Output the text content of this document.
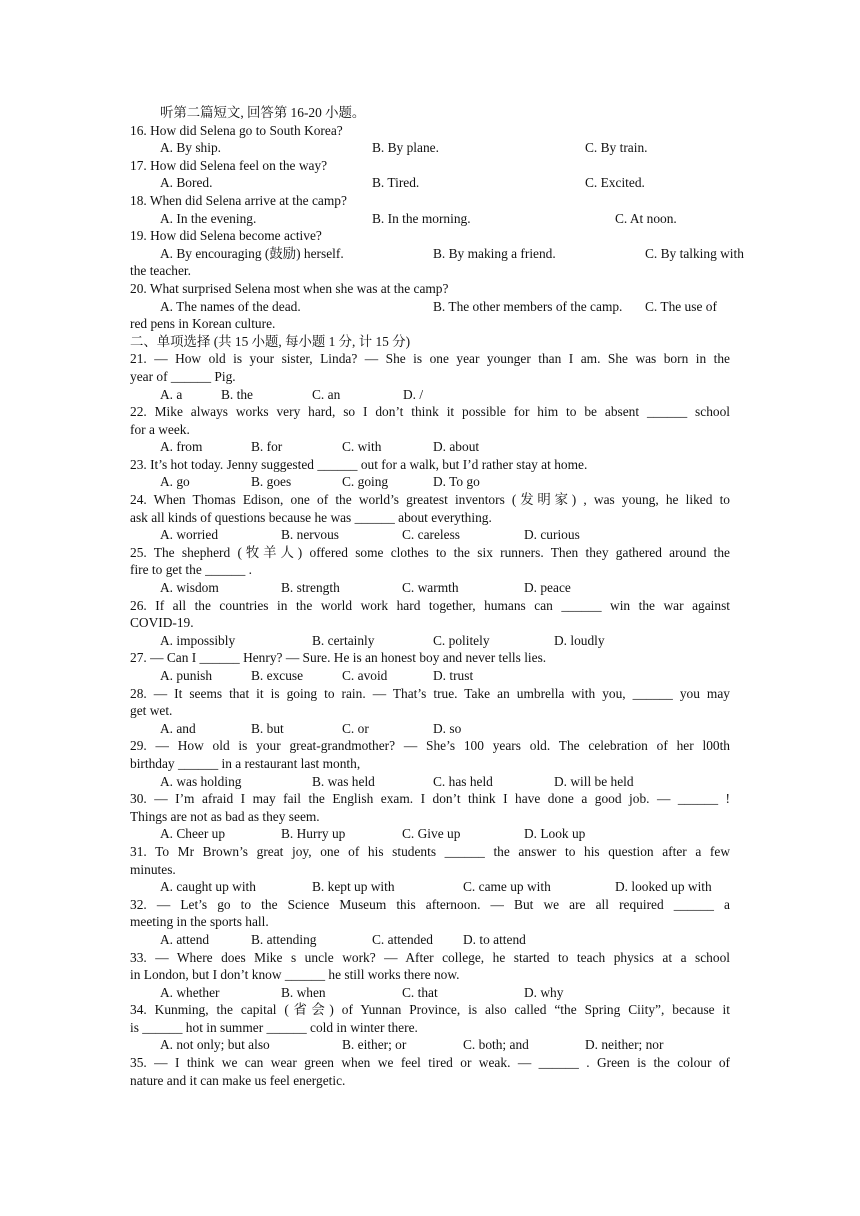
听第二篇短文, 回答第 16-20 小题。
16. How did Selena go to South Korea?
A. By ship.	B. By plane.	C. By train.
17. How did Selena feel on the way?
A. Bored.	B. Tired.	C. Excited.
18. When did Selena arrive at the camp?
A. In the evening.	B. In the morning.	C. At noon.
19. How did Selena become active?
A. By encouraging (鼓励) herself.	B. By making a friend.	C. By talking with
the teacher.
20. What surprised Selena most when she was at the camp?
A. The names of the dead.	B. The other members of the camp. C. The use of
red pens in Korean culture.
二、单项选择 (共 15 小题, 每小题 1 分, 计 15 分)
21. — How old is your sister, Linda? — She is one year younger than I am. She was born in the
year of ______ Pig.
A. a	B. the	C. an	D. /
22. Mike always works very hard, so I don’t think it possible for him to be absent ______ school
for a week.
A. from	B. for	C. with	D. about
23. It’s hot today. Jenny suggested ______ out for a walk, but I’d rather stay at home.
A. go	B. goes	C. going	D. To go
24. When Thomas Edison, one of the world’s greatest inventors (发明家) , was young, he liked to
ask all kinds of questions because he was ______ about everything.
A. worried	B. nervous	C. careless	D. curious
25. The shepherd (牧羊人) offered some clothes to the six runners. Then they gathered around the
fire to get the ______ .
A. wisdom	B. strength	C. warmth	D. peace
26. If all the countries in the world work hard together, humans can ______ win the war against
COVID-19.
A. impossibly	B. certainly	C. politely	D. loudly
27. — Can I ______ Henry? — Sure. He is an honest boy and never tells lies.
A. punish	B. excuse	C. avoid	D. trust
28. — It seems that it is going to rain. — That’s true. Take an umbrella with you, ______ you may
get wet.
A. and	B. but	C. or	D. so
29. — How old is your great-grandmother? — She’s 100 years old. The celebration of her l00th
birthday ______ in a restaurant last month,
A. was holding	B. was held	C. has held	D. will be held
30. — I’m afraid I may fail the English exam. I don’t think I have done a good job. — ______ !
Things are not as bad as they seem.
A. Cheer up	B. Hurry up	C. Give up	D. Look up
31. To Mr Brown’s great joy, one of his students ______ the answer to his question after a few
minutes.
A. caught up with	B. kept up with	C. came up with	D. looked up with
32. — Let’s go to the Science Museum this afternoon. — But we are all required ______ a
meeting in the sports hall.
A. attend	B. attending	C. attended D. to attend
33. — Where does Mike s uncle work? — After college, he started to teach physics at a school
in London, but I don’t know ______ he still works there now.
A. whether	B. when	C. that	D. why
34. Kunming, the capital (省会) of Yunnan Province, is also called “the Spring Ciity”, because it
is ______ hot in summer ______ cold in winter there.
A. not only; but also	B. either; or	C. both; and	D. neither; nor
35. — I think we can wear green when we feel tired or weak. — ______ . Green is the colour of
nature and it can make us feel energetic.
